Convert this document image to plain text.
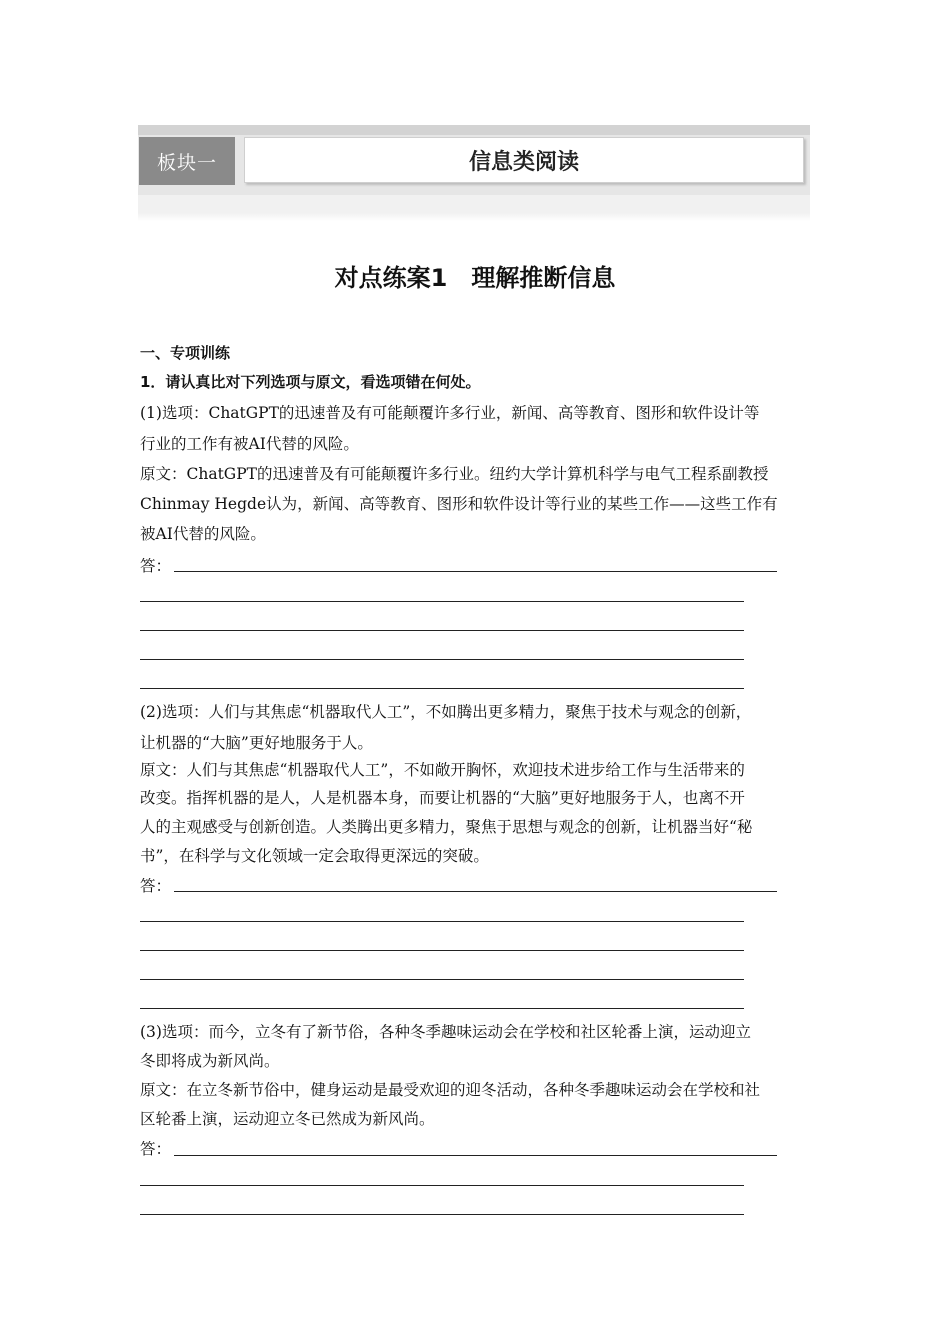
板块一	信息类阅读
对点练案1　理解推断信息
一、专项训练
1．请认真比对下列选项与原文，看选项错在何处。
(1)选项：ChatGPT的迅速普及有可能颠覆许多行业，新闻、高等教育、图形和软件设计等
行业的工作有被AI代替的风险。
原文：ChatGPT的迅速普及有可能颠覆许多行业。纽约大学计算机科学与电气工程系副教授
Chinmay Hegde认为，新闻、高等教育、图形和软件设计等行业的某些工作——这些工作有
被AI代替的风险。
答：
(2)选项：人们与其焦虑“机器取代人工”，不如腾出更多精力，聚焦于技术与观念的创新，
让机器的“大脑”更好地服务于人。
原文：人们与其焦虑“机器取代人工”，不如敞开胸怀，欢迎技术进步给工作与生活带来的
改变。指挥机器的是人，人是机器本身，而要让机器的“大脑”更好地服务于人，也离不开
人的主观感受与创新创造。人类腾出更多精力，聚焦于思想与观念的创新，让机器当好“秘
书”，在科学与文化领域一定会取得更深远的突破。
答：
(3)选项：而今，立冬有了新节俗，各种冬季趣味运动会在学校和社区轮番上演，运动迎立
冬即将成为新风尚。
原文：在立冬新节俗中，健身运动是最受欢迎的迎冬活动，各种冬季趣味运动会在学校和社
区轮番上演，运动迎立冬已然成为新风尚。
答：
